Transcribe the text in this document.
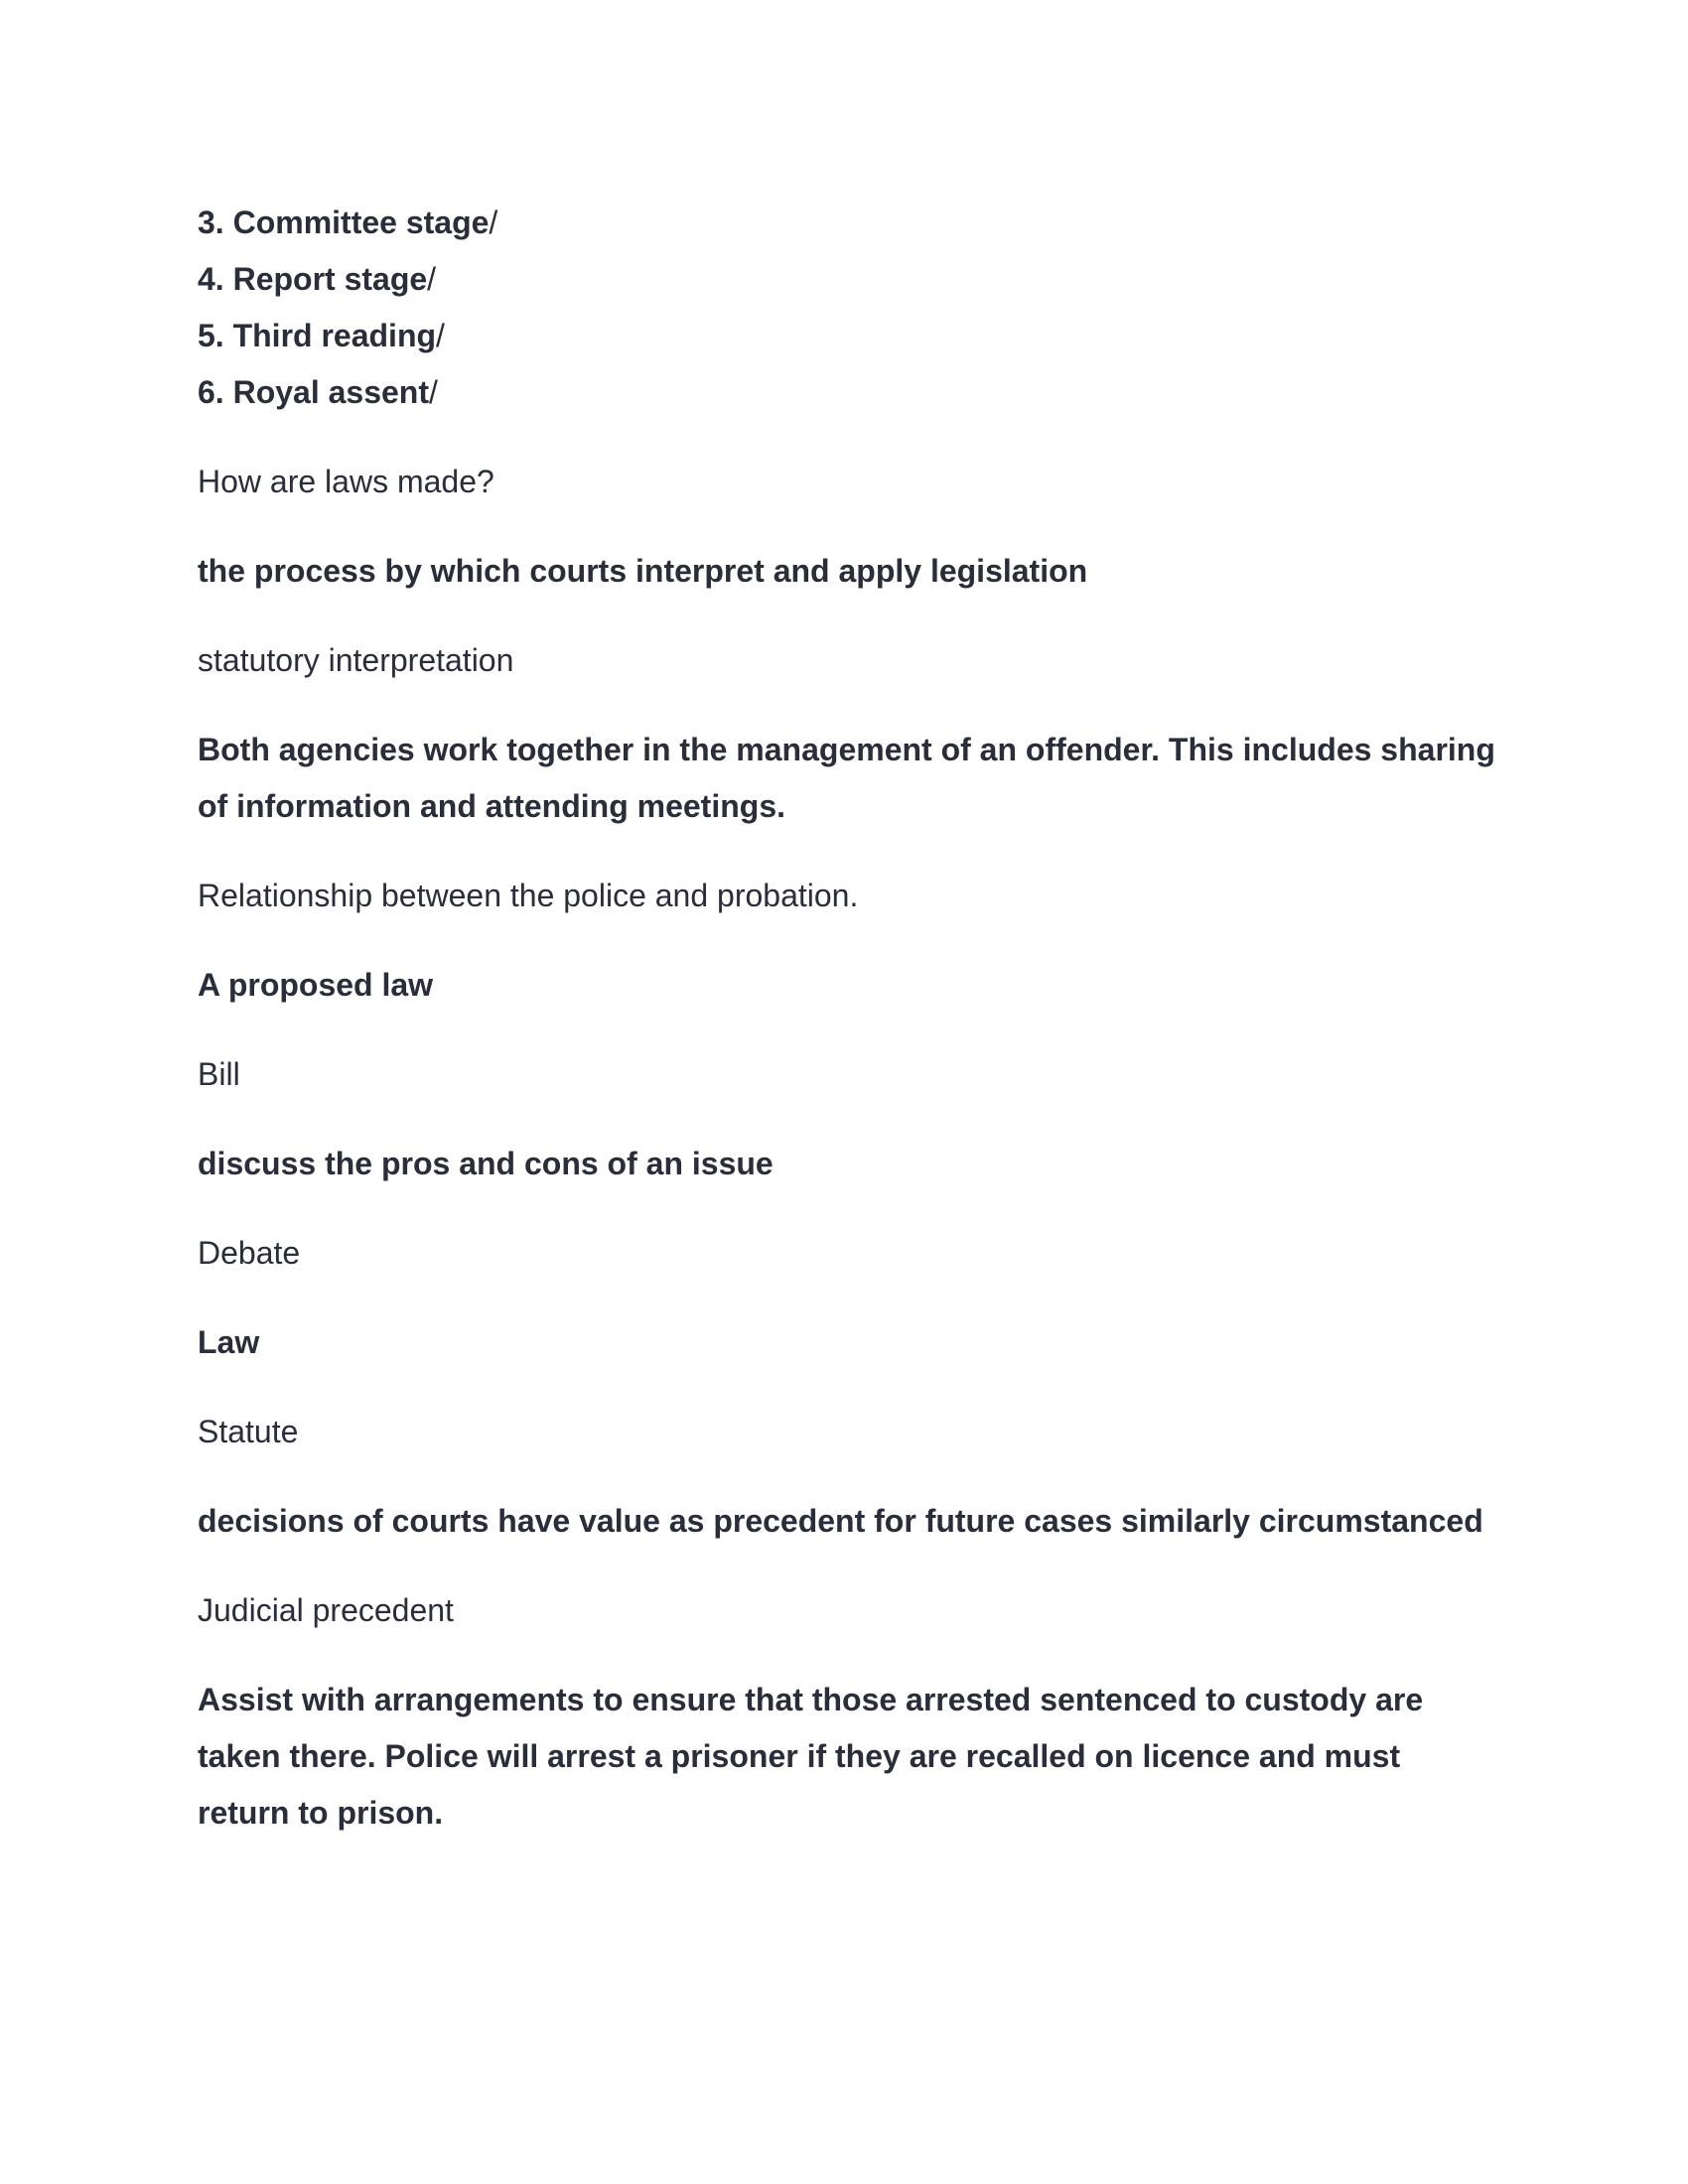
3. Committee stage/
4. Report stage/
5. Third reading/
6. Royal assent/

How are laws made?

the process by which courts interpret and apply legislation

statutory interpretation

Both agencies work together in the management of an offender. This includes sharing of information and attending meetings.

Relationship between the police and probation.

A proposed law

Bill

discuss the pros and cons of an issue

Debate

Law

Statute

decisions of courts have value as precedent for future cases similarly circumstanced

Judicial precedent

Assist with arrangements to ensure that those arrested sentenced to custody are taken there. Police will arrest a prisoner if they are recalled on licence and must return to prison.
